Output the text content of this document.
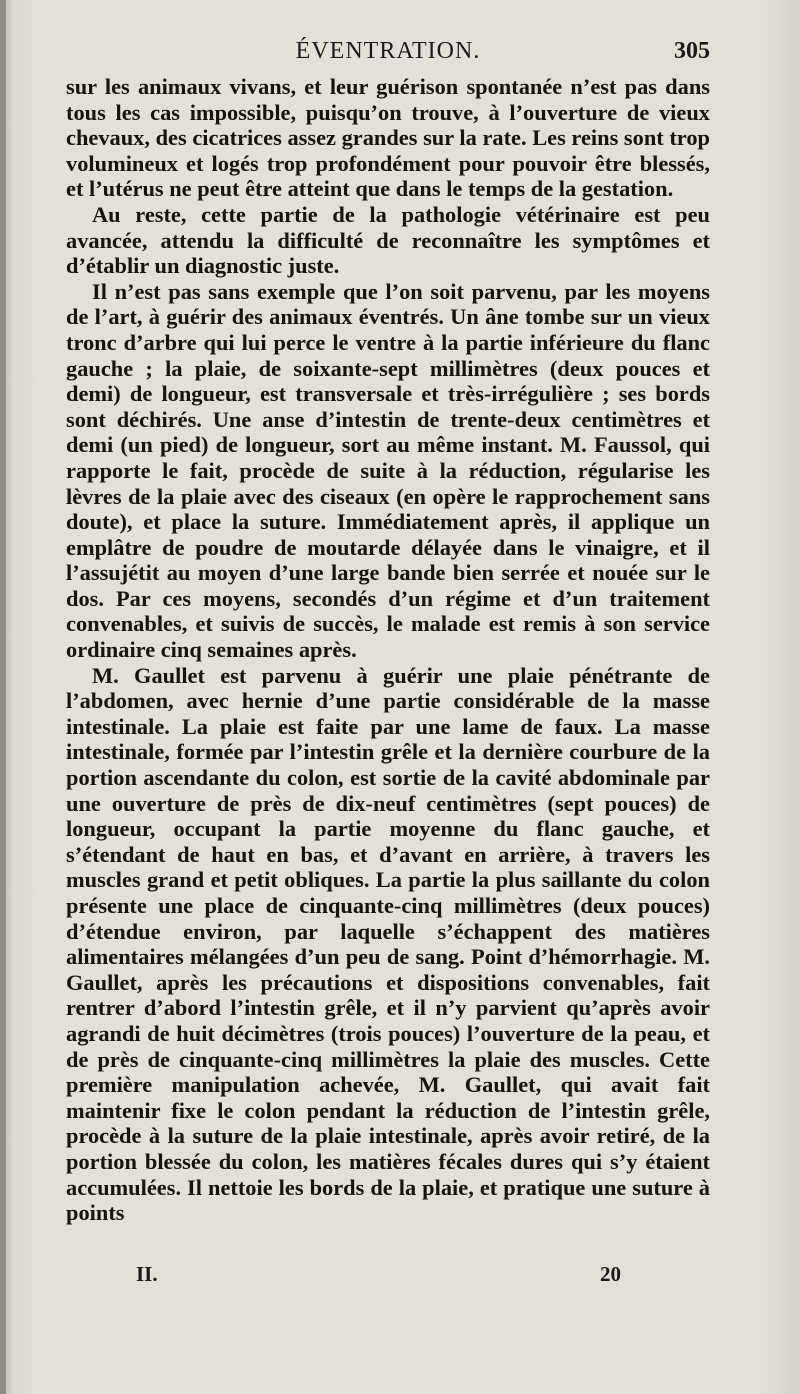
ÉVENTRATION.	305

sur les animaux vivans, et leur guérison spontanée n’est pas dans tous les cas impossible, puisqu’on trouve, à l’ouverture de vieux chevaux, des cicatrices assez grandes sur la rate. Les reins sont trop volumineux et logés trop profondément pour pouvoir être blessés, et l’utérus ne peut être atteint que dans le temps de la gestation.

Au reste, cette partie de la pathologie vétérinaire est peu avancée, attendu la difficulté de reconnaître les symptômes et d’établir un diagnostic juste.

Il n’est pas sans exemple que l’on soit parvenu, par les moyens de l’art, à guérir des animaux éventrés. Un âne tombe sur un vieux tronc d’arbre qui lui perce le ventre à la partie inférieure du flanc gauche ; la plaie, de soixante-sept millimètres (deux pouces et demi) de longueur, est transversale et très-irrégulière ; ses bords sont déchirés. Une anse d’intestin de trente-deux centimètres et demi (un pied) de longueur, sort au même instant. M. Faussol, qui rapporte le fait, procède de suite à la réduction, régularise les lèvres de la plaie avec des ciseaux (en opère le rapprochement sans doute), et place la suture. Immédiatement après, il applique un emplâtre de poudre de moutarde délayée dans le vinaigre, et il l’assujétit au moyen d’une large bande bien serrée et nouée sur le dos. Par ces moyens, secondés d’un régime et d’un traitement convenables, et suivis de succès, le malade est remis à son service ordinaire cinq semaines après.

M. Gaullet est parvenu à guérir une plaie pénétrante de l’abdomen, avec hernie d’une partie considérable de la masse intestinale. La plaie est faite par une lame de faux. La masse intestinale, formée par l’intestin grêle et la dernière courbure de la portion ascendante du colon, est sortie de la cavité abdominale par une ouverture de près de dix-neuf centimètres (sept pouces) de longueur, occupant la partie moyenne du flanc gauche, et s’étendant de haut en bas, et d’avant en arrière, à travers les muscles grand et petit obliques. La partie la plus saillante du colon présente une place de cinquante-cinq millimètres (deux pouces) d’étendue environ, par laquelle s’échappent des matières alimentaires mélangées d’un peu de sang. Point d’hémorrhagie. M. Gaullet, après les précautions et dispositions convenables, fait rentrer d’abord l’intestin grêle, et il n’y parvient qu’après avoir agrandi de huit décimètres (trois pouces) l’ouverture de la peau, et de près de cinquante-cinq millimètres la plaie des muscles. Cette première manipulation achevée, M. Gaullet, qui avait fait maintenir fixe le colon pendant la réduction de l’intestin grêle, procède à la suture de la plaie intestinale, après avoir retiré, de la portion blessée du colon, les matières fécales dures qui s’y étaient accumulées. Il nettoie les bords de la plaie, et pratique une suture à points

II.	20
